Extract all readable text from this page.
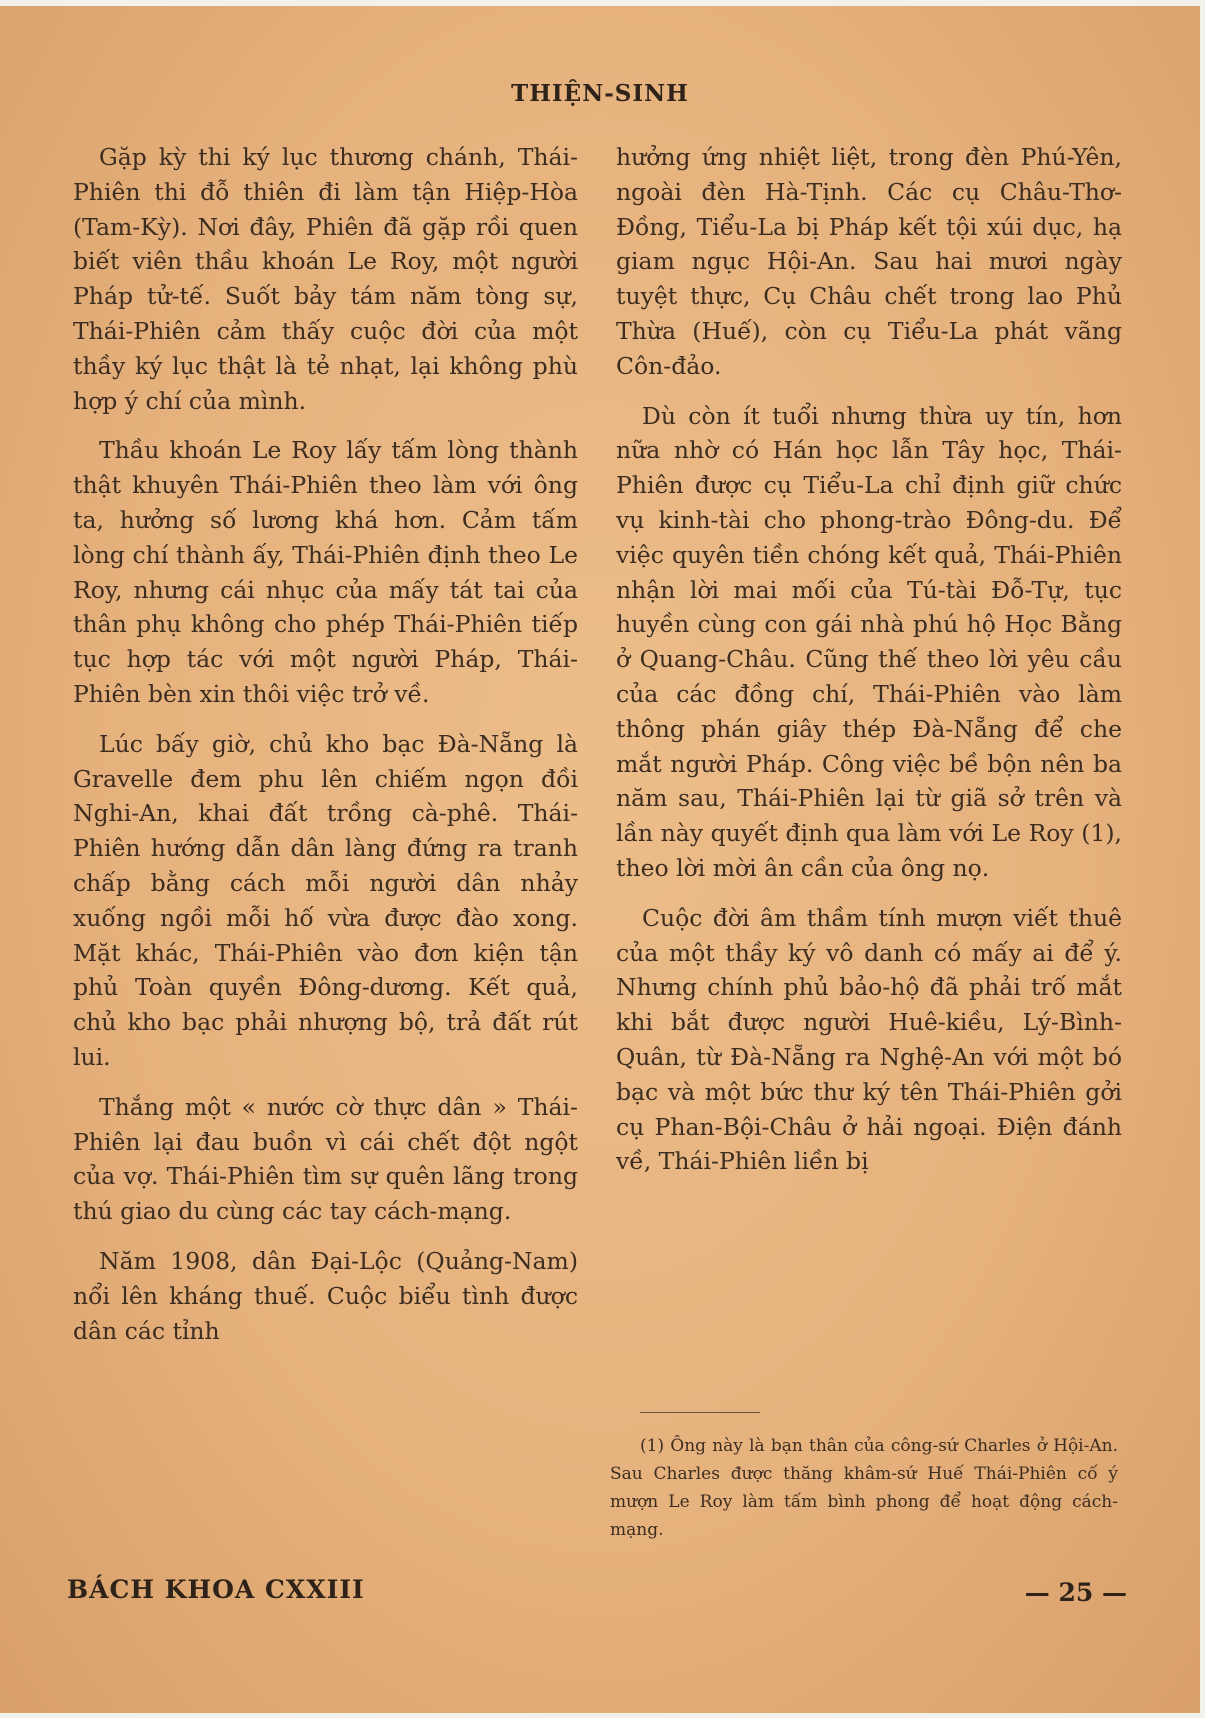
THIỆN-SINH

Gặp kỳ thi ký lục thương chánh, Thái-Phiên thi đỗ thiên đi làm tận Hiệp-Hòa (Tam-Kỳ). Nơi đây, Phiên đã gặp rồi quen biết viên thầu khoán Le Roy, một người Pháp tử-tế. Suốt bảy tám năm tòng sự, Thái-Phiên cảm thấy cuộc đời của một thầy ký lục thật là tẻ nhạt, lại không phù hợp ý chí của mình.

Thầu khoán Le Roy lấy tấm lòng thành thật khuyên Thái-Phiên theo làm với ông ta, hưởng số lương khá hơn. Cảm tấm lòng chí thành ấy, Thái-Phiên định theo Le Roy, nhưng cái nhục của mấy tát tai của thân phụ không cho phép Thái-Phiên tiếp tục hợp tác với một người Pháp, Thái-Phiên bèn xin thôi việc trở về.

Lúc bấy giờ, chủ kho bạc Đà-Nẵng là Gravelle đem phu lên chiếm ngọn đồi Nghi-An, khai đất trồng cà-phê. Thái-Phiên hướng dẫn dân làng đứng ra tranh chấp bằng cách mỗi người dân nhảy xuống ngồi mỗi hố vừa được đào xong. Mặt khác, Thái-Phiên vào đơn kiện tận phủ Toàn quyền Đông-dương. Kết quả, chủ kho bạc phải nhượng bộ, trả đất rút lui.

Thắng một « nước cờ thực dân » Thái-Phiên lại đau buồn vì cái chết đột ngột của vợ. Thái-Phiên tìm sự quên lãng trong thú giao du cùng các tay cách-mạng.

Năm 1908, dân Đại-Lộc (Quảng-Nam) nổi lên kháng thuế. Cuộc biểu tình được dân các tỉnh

hưởng ứng nhiệt liệt, trong đèn Phú-Yên, ngoài đèn Hà-Tịnh. Các cụ Châu-Thơ-Đồng, Tiểu-La bị Pháp kết tội xúi dục, hạ giam ngục Hội-An. Sau hai mươi ngày tuyệt thực, Cụ Châu chết trong lao Phủ Thừa (Huế), còn cụ Tiểu-La phát vãng Côn-đảo.

Dù còn ít tuổi nhưng thừa uy tín, hơn nữa nhờ có Hán học lẫn Tây học, Thái-Phiên được cụ Tiểu-La chỉ định giữ chức vụ kinh-tài cho phong-trào Đông-du. Để việc quyên tiền chóng kết quả, Thái-Phiên nhận lời mai mối của Tú-tài Đỗ-Tự, tục huyền cùng con gái nhà phú hộ Học Bằng ở Quang-Châu. Cũng thế theo lời yêu cầu của các đồng chí, Thái-Phiên vào làm thông phán giây thép Đà-Nẵng để che mắt người Pháp. Công việc bề bộn nên ba năm sau, Thái-Phiên lại từ giã sở trên và lần này quyết định qua làm với Le Roy (1), theo lời mời ân cần của ông nọ.

Cuộc đời âm thầm tính mượn viết thuê của một thầy ký vô danh có mấy ai để ý. Nhưng chính phủ bảo-hộ đã phải trố mắt khi bắt được người Huê-kiều, Lý-Bình-Quân, từ Đà-Nẵng ra Nghệ-An với một bó bạc và một bức thư ký tên Thái-Phiên gởi cụ Phan-Bội-Châu ở hải ngoại. Điện đánh về, Thái-Phiên liền bị

(1) Ông này là bạn thân của công-sứ Charles ở Hội-An. Sau Charles được thăng khâm-sứ Huế Thái-Phiên cố ý mượn Le Roy làm tấm bình phong để hoạt động cách-mạng.
BÁCH KHOA CXXIII	— 25 —
